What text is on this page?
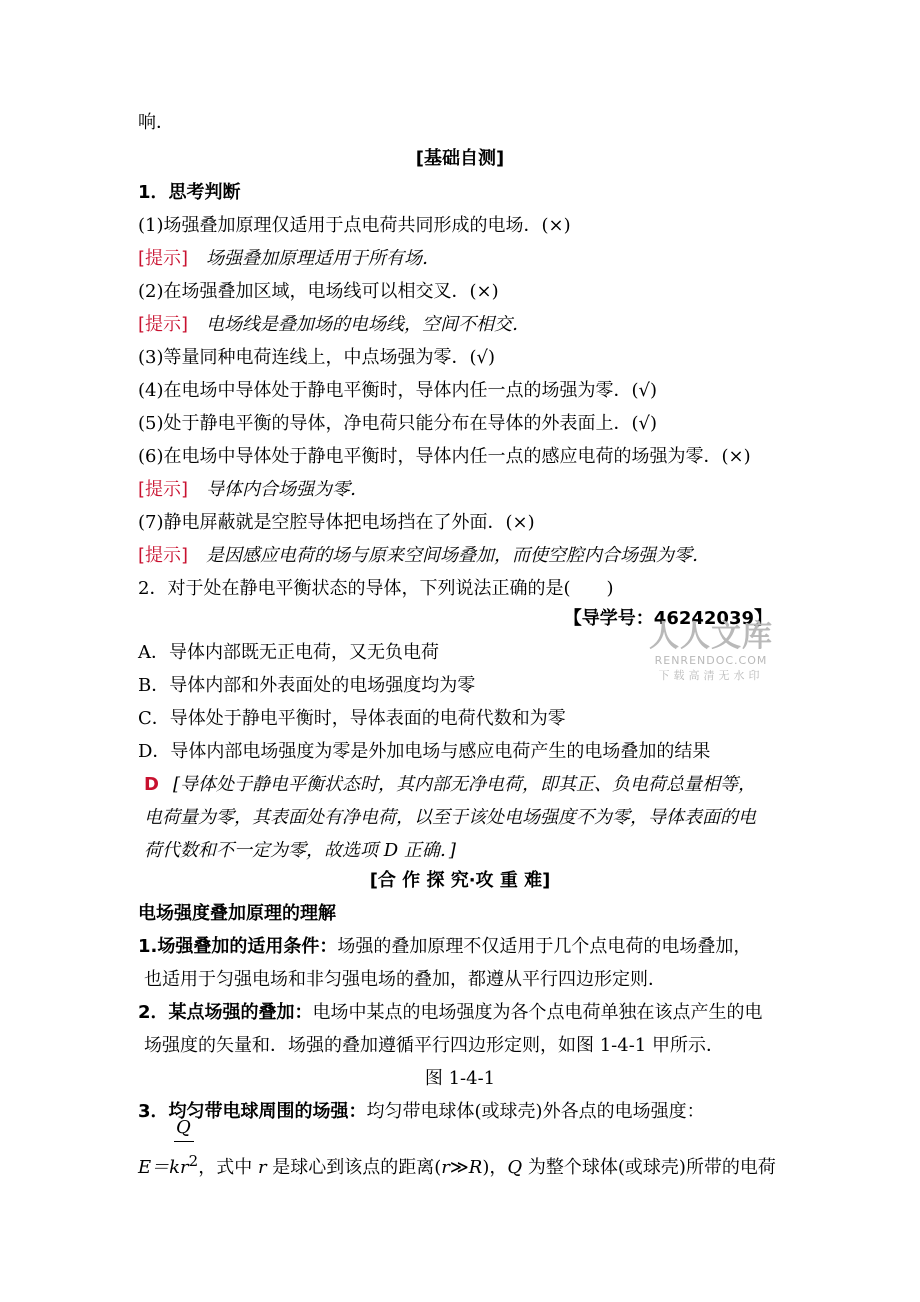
响．
[基础自测]
1．思考判断
(1)场强叠加原理仅适用于点电荷共同形成的电场．(×)
[提示] 场强叠加原理适用于所有场．
(2)在场强叠加区域，电场线可以相交叉．(×)
[提示] 电场线是叠加场的电场线，空间不相交．
(3)等量同种电荷连线上，中点场强为零．(√)
(4)在电场中导体处于静电平衡时，导体内任一点的场强为零．(√)
(5)处于静电平衡的导体，净电荷只能分布在导体的外表面上．(√)
(6)在电场中导体处于静电平衡时，导体内任一点的感应电荷的场强为零．(×)
[提示] 导体内合场强为零．
(7)静电屏蔽就是空腔导体把电场挡在了外面．(×)
[提示] 是因感应电荷的场与原来空间场叠加，而使空腔内合场强为零．
2．对于处在静电平衡状态的导体，下列说法正确的是(　　)
【导学号：46242039】
A．导体内部既无正电荷，又无负电荷
B．导体内部和外表面处的电场强度均为零
C．导体处于静电平衡时，导体表面的电荷代数和为零
D．导体内部电场强度为零是外加电场与感应电荷产生的电场叠加的结果
D [导体处于静电平衡状态时，其内部无净电荷，即其正、负电荷总量相等，
电荷量为零，其表面处有净电荷，以至于该处电场强度不为零，导体表面的电
荷代数和不一定为零，故选项 D 正确．]
[合 作 探 究·攻 重 难]
电场强度叠加原理的理解
1.场强叠加的适用条件：场强的叠加原理不仅适用于几个点电荷的电场叠加，
也适用于匀强电场和非匀强电场的叠加，都遵从平行四边形定则．
2．某点场强的叠加：电场中某点的电场强度为各个点电荷单独在该点产生的电
场强度的矢量和．场强的叠加遵循平行四边形定则，如图 1-4-1 甲所示．
图 1-4-1
3．均匀带电球周围的场强：均匀带电球体(或球壳)外各点的电场强度：
Q
$E=kr^2$，式中 r 是球心到该点的距离(r≫R)，Q 为整个球体(或球壳)所带的电荷
人人文库
RENRENDOC.COM
下载高清无水印
